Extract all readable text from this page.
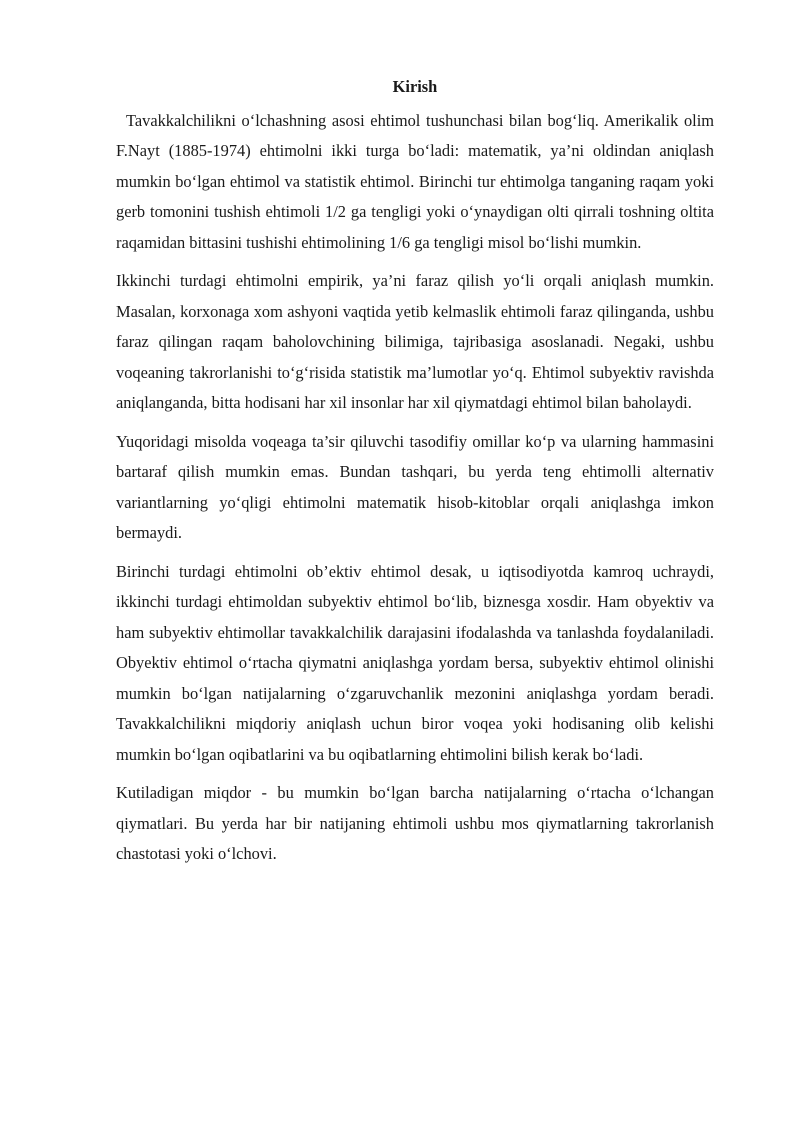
Kirish

Tavakkalchilikni o‘lchashning asosi ehtimol tushunchasi bilan bog‘liq. Amerikalik olim F.Nayt (1885-1974) ehtimolni ikki turga bo‘ladi: matematik, ya’ni oldindan aniqlash mumkin bo‘lgan ehtimol va statistik ehtimol. Birinchi tur ehtimolga tanganing raqam yoki gerb tomonini tushish ehtimoli 1/2 ga tengligi yoki o‘ynaydigan olti qirrali toshning oltita raqamidan bittasini tushishi ehtimolining 1/6 ga tengligi misol bo‘lishi mumkin.

Ikkinchi turdagi ehtimolni empirik, ya’ni faraz qilish yo‘li orqali aniqlash mumkin. Masalan, korxonaga xom ashyoni vaqtida yetib kelmaslik ehtimoli faraz qilinganda, ushbu faraz qilingan raqam baholovchining bilimiga, tajribasiga asoslanadi. Negaki, ushbu voqeaning takrorlanishi to‘g‘risida statistik ma’lumotlar yo‘q. Ehtimol subyektiv ravishda aniqlanganda, bitta hodisani har xil insonlar har xil qiymatdagi ehtimol bilan baholaydi.

Yuqoridagi misolda voqeaga ta’sir qiluvchi tasodifiy omillar ko‘p va ularning hammasini bartaraf qilish mumkin emas. Bundan tashqari, bu yerda teng ehtimolli alternativ variantlarning yo‘qligi ehtimolni matematik hisob-kitoblar orqali aniqlashga imkon bermaydi.

Birinchi turdagi ehtimolni ob’ektiv ehtimol desak, u iqtisodiyotda kamroq uchraydi, ikkinchi turdagi ehtimoldan subyektiv ehtimol bo‘lib, biznesga xosdir. Ham obyektiv va ham subyektiv ehtimollar tavakkalchilik darajasini ifodalashda va tanlashda foydalaniladi. Obyektiv ehtimol o‘rtacha qiymatni aniqlashga yordam bersa, subyektiv ehtimol olinishi mumkin bo‘lgan natijalarning o‘zgaruvchanlik mezonini aniqlashga yordam beradi. Tavakkalchilikni miqdoriy aniqlash uchun biror voqea yoki hodisaning olib kelishi mumkin bo‘lgan oqibatlarini va bu oqibatlarning ehtimolini bilish kerak bo‘ladi.

Kutiladigan miqdor - bu mumkin bo‘lgan barcha natijalarning o‘rtacha o‘lchangan qiymatlari. Bu yerda har bir natijaning ehtimoli ushbu mos qiymatlarning takrorlanish chastotasi yoki o‘lchovi.
